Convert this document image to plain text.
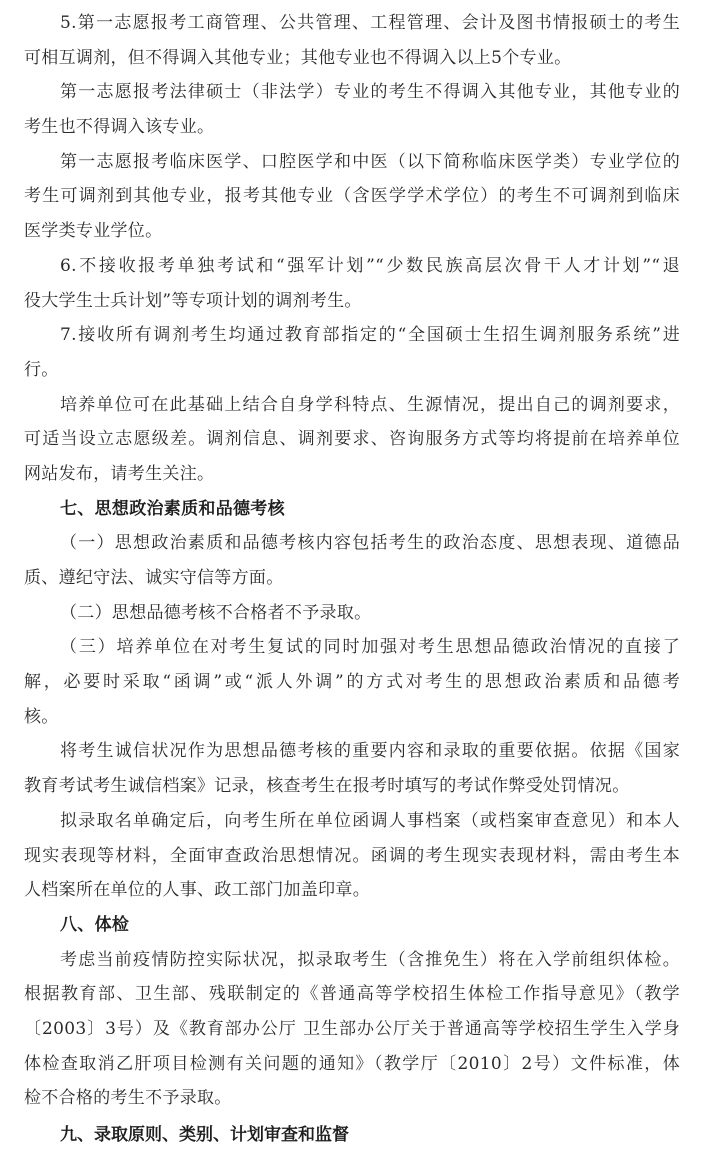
5.第一志愿报考工商管理、公共管理、工程管理、会计及图书情报硕士的考生
可相互调剂，但不得调入其他专业；其他专业也不得调入以上5个专业。
第一志愿报考法律硕士（非法学）专业的考生不得调入其他专业，其他专业的
考生也不得调入该专业。
第一志愿报考临床医学、口腔医学和中医（以下简称临床医学类）专业学位的
考生可调剂到其他专业，报考其他专业（含医学学术学位）的考生不可调剂到临床
医学类专业学位。
6.不接收报考单独考试和“强军计划”“少数民族高层次骨干人才计划”“退
役大学生士兵计划”等专项计划的调剂考生。
7.接收所有调剂考生均通过教育部指定的“全国硕士生招生调剂服务系统”进
行。
培养单位可在此基础上结合自身学科特点、生源情况，提出自己的调剂要求，
可适当设立志愿级差。调剂信息、调剂要求、咨询服务方式等均将提前在培养单位
网站发布，请考生关注。
七、思想政治素质和品德考核
（一）思想政治素质和品德考核内容包括考生的政治态度、思想表现、道德品
质、遵纪守法、诚实守信等方面。
（二）思想品德考核不合格者不予录取。
（三）培养单位在对考生复试的同时加强对考生思想品德政治情况的直接了
解，必要时采取“函调”或“派人外调”的方式对考生的思想政治素质和品德考
核。
将考生诚信状况作为思想品德考核的重要内容和录取的重要依据。依据《国家
教育考试考生诚信档案》记录，核查考生在报考时填写的考试作弊受处罚情况。
拟录取名单确定后，向考生所在单位函调人事档案（或档案审查意见）和本人
现实表现等材料，全面审查政治思想情况。函调的考生现实表现材料，需由考生本
人档案所在单位的人事、政工部门加盖印章。
八、体检
考虑当前疫情防控实际状况，拟录取考生（含推免生）将在入学前组织体检。
根据教育部、卫生部、残联制定的《普通高等学校招生体检工作指导意见》（教学
〔2003〕3号）及《教育部办公厅 卫生部办公厅关于普通高等学校招生学生入学身
体检查取消乙肝项目检测有关问题的通知》（教学厅〔2010〕2号）文件标准，体
检不合格的考生不予录取。
九、录取原则、类别、计划审查和监督
